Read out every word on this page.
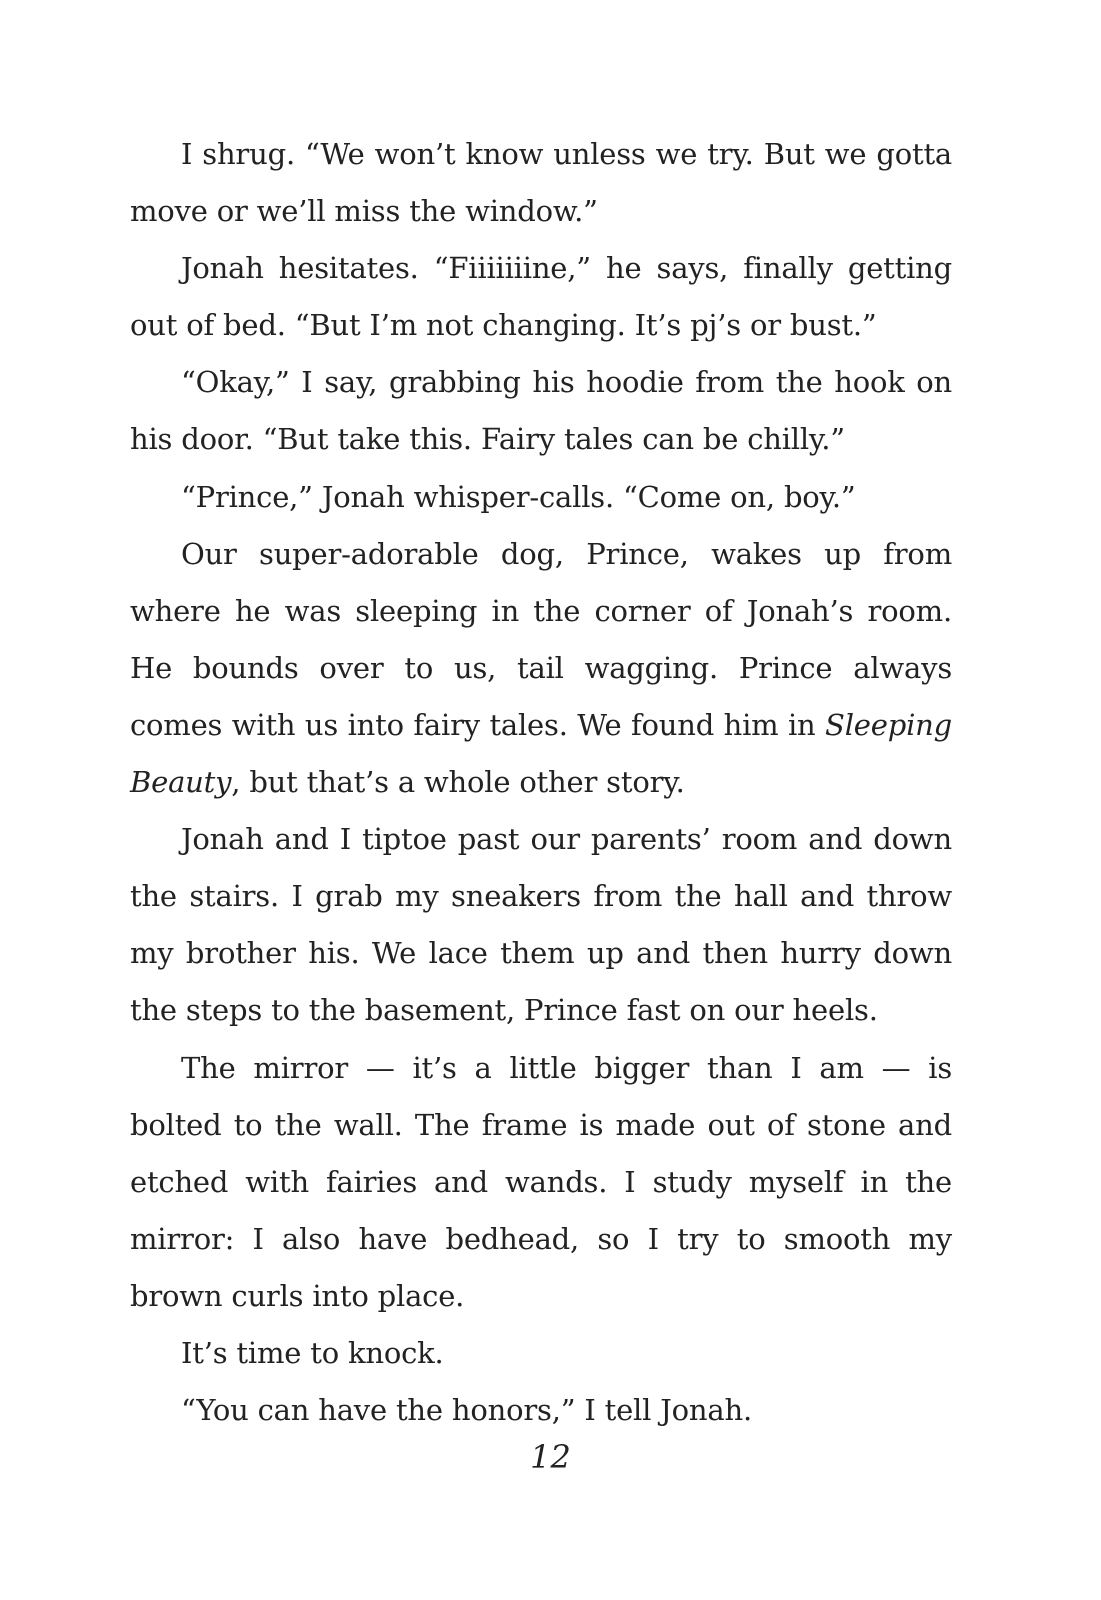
I shrug. “We won’t know unless we try. But we gotta move or we’ll miss the window.”

Jonah hesitates. “Fiiiiiiine,” he says, finally getting out of bed. “But I’m not changing. It’s pj’s or bust.”

“Okay,” I say, grabbing his hoodie from the hook on his door. “But take this. Fairy tales can be chilly.”

“Prince,” Jonah whisper-calls. “Come on, boy.”

Our super-adorable dog, Prince, wakes up from where he was sleeping in the corner of Jonah’s room. He bounds over to us, tail wagging. Prince always comes with us into fairy tales. We found him in Sleeping Beauty, but that’s a whole other story.

Jonah and I tiptoe past our parents’ room and down the stairs. I grab my sneakers from the hall and throw my brother his. We lace them up and then hurry down the steps to the basement, Prince fast on our heels.

The mirror — it’s a little bigger than I am — is bolted to the wall. The frame is made out of stone and etched with fairies and wands. I study myself in the mirror: I also have bedhead, so I try to smooth my brown curls into place.

It’s time to knock.

“You can have the honors,” I tell Jonah.

12
